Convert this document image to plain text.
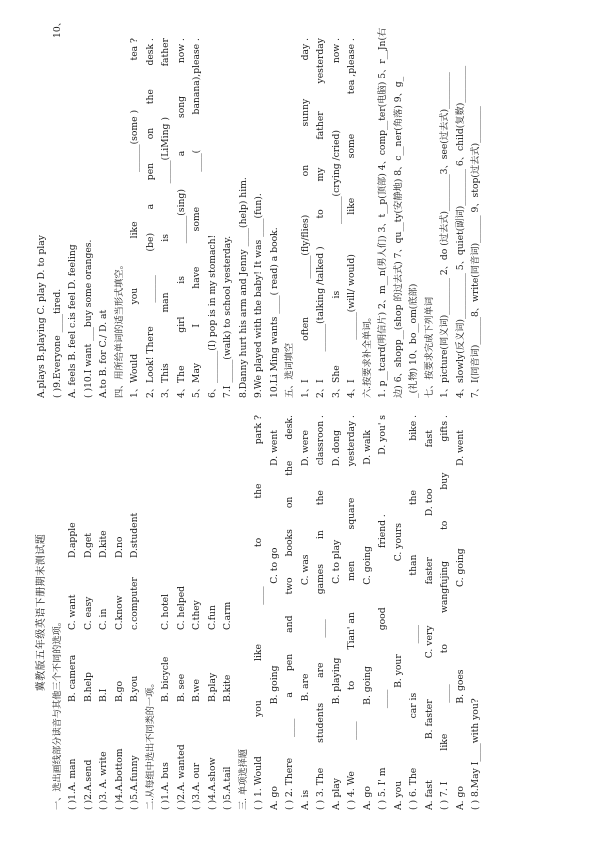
冀教版五年级英语下册期末测试题
一、选出画线部分读音与其他三个不同的选项。 ( )1.A. man
B. camera
C. want
D.apple
( )2.A.send
B.help
C. easy
D.get
( )3. A. write
B.I
C. in
D.kite
( )4.A.bottom
B.go
C.know
D.no
( )5.A.funny
B.you
c.computer
D.student
二.从每组中选出不同类的一项。 ( )1.A. bus
B. bicycle
C. hotel
( )2.A. wanted
B. see
C. helped
( )3.A. our
B.we
C.they
( )4.A.show
B.play
C.fun
( )5.A.tail
B.kite
C.arm
三. 单项选择题 ( ) 1. Would
you
like
____
to
the
park ?
A. go
B. going
C. to go
D. went
( ) 2. There
____
a
pen
and
two
books
on
the
desk.
A. is
B. are
C. was
D. were
( ) 3. The
students
are
____
games
in
the
classroon .
A. play
B. playing
C. to play
D. dong
( ) 4. We
____
to
Tian' an
men
square
yesterday .
A. go
B. going
C. going
D. walk
( ) 5. I' m
____
good
friend .
D. you' s
A. you
B. your
C. yours
( ) 6. The
car is
____
than
the
bike .
A. fast
B. faster
C. very
faster
D. too
fast
( ) 7. I
like
____
to
wangfujing
to
buy
gifts .
A. go
B. goes
C. going
D. went
( ) 8.May I____with you?
A.plays B.playing C. play D. to play ( )9.Everyone ____tired. A. feels B. feel c.is feel D. feeling ( )10.I want ___buy some oranges. A.to B. for C./ D. at 四、用所给单词的适当形式填空。 1、Would
you
like
______(some )
tea ?
2、Look! There
______
(be)
a
pen
on
the
desk .
3、This
man
is
_____(LiMing )
father
4、The
girl
is
______(sing)
a
song
now .
5、May
I
have
some
____(
banana),please .
6、_______(I) pop is in my stomach! 7.I _____(walk) to school yesterday. 8.Danny hurt his arm and Jenny ____(help) him. 9.We played with the baby! It was ____(fun). 10.Li Ming wants ____( read) a book. 五、选词填空 1、I
often
_____(fly/flies)
on
sunny
day .
2、I
______(talking /talked )
to
my
father
yesterday
3、She
is
______(crying /cried)
now .
4、I
______(will/ would)
like
some
tea ,please .
六.按要求补全单词。 1. p__tcard(明信片) 2、m__n(男人们) 3、t__p(顶部) 4、comp__ter(电脑) 5、r__Jn(右 边) 6、shopp__(shop 的过去式) 7、qu__ty(安静地) 8、c__ner(角落) 9、g_ _(礼物) 10、bo__om(底部) 七、按要求完成下列单词 1、picture(同义词)________ 2、do (过去式)________3、see(过去式)________ 4、slowly(反义词)__________ 5、quiet(副词)________ 6、child(复数)________ 7、I(同音词)______8、write(同音词)______ 9、stop(过去式)________
10、
